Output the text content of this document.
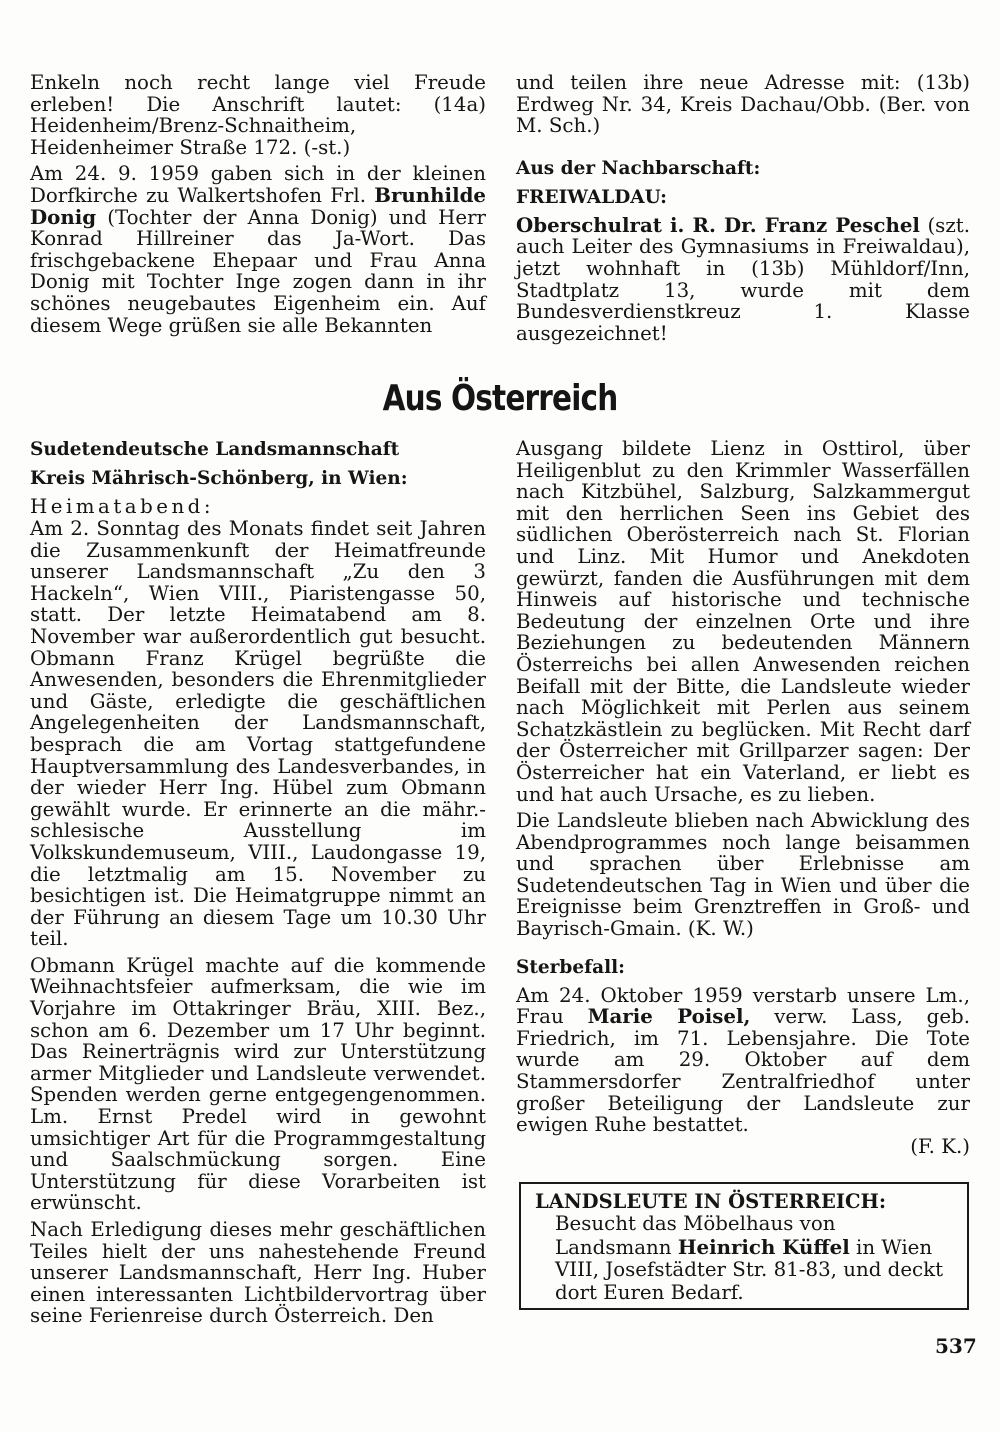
Enkeln noch recht lange viel Freude erleben! Die Anschrift lautet: (14a) Heidenheim/Brenz-Schnaitheim, Heidenheimer Straße 172. (-st.)

Am 24. 9. 1959 gaben sich in der kleinen Dorfkirche zu Walkertshofen Frl. Brunhilde Donig (Tochter der Anna Donig) und Herr Konrad Hillreiner das Ja-Wort. Das frischgebackene Ehepaar und Frau Anna Donig mit Tochter Inge zogen dann in ihr schönes neugebautes Eigenheim ein. Auf diesem Wege grüßen sie alle Bekannten

und teilen ihre neue Adresse mit: (13b) Erdweg Nr. 34, Kreis Dachau/Obb. (Ber. von M. Sch.)

Aus der Nachbarschaft:
FREIWALDAU:

Oberschulrat i. R. Dr. Franz Peschel (szt. auch Leiter des Gymnasiums in Freiwaldau), jetzt wohnhaft in (13b) Mühldorf/Inn, Stadtplatz 13, wurde mit dem Bundesverdienstkreuz 1. Klasse ausgezeichnet!

Aus Österreich
Sudetendeutsche Landsmannschaft
Kreis Mährisch-Schönberg, in Wien:

Heimatabend:

Am 2. Sonntag des Monats findet seit Jahren die Zusammenkunft der Heimatfreunde unserer Landsmannschaft „Zu den 3 Hackeln“, Wien VIII., Piaristengasse 50, statt. Der letzte Heimatabend am 8. November war außerordentlich gut besucht. Obmann Franz Krügel begrüßte die Anwesenden, besonders die Ehrenmitglieder und Gäste, erledigte die geschäftlichen Angelegenheiten der Landsmannschaft, besprach die am Vortag stattgefundene Hauptversammlung des Landesverbandes, in der wieder Herr Ing. Hübel zum Obmann gewählt wurde. Er erinnerte an die mähr.-schlesische Ausstellung im Volkskundemuseum, VIII., Laudongasse 19, die letztmalig am 15. November zu besichtigen ist. Die Heimatgruppe nimmt an der Führung an diesem Tage um 10.30 Uhr teil.

Obmann Krügel machte auf die kommende Weihnachtsfeier aufmerksam, die wie im Vorjahre im Ottakringer Bräu, XIII. Bez., schon am 6. Dezember um 17 Uhr beginnt. Das Reinerträgnis wird zur Unterstützung armer Mitglieder und Landsleute verwendet. Spenden werden gerne entgegengenommen. Lm. Ernst Predel wird in gewohnt umsichtiger Art für die Programmgestaltung und Saalschmückung sorgen. Eine Unterstützung für diese Vorarbeiten ist erwünscht.

Nach Erledigung dieses mehr geschäftlichen Teiles hielt der uns nahestehende Freund unserer Landsmannschaft, Herr Ing. Huber einen interessanten Lichtbildervortrag über seine Ferienreise durch Österreich. Den

Ausgang bildete Lienz in Osttirol, über Heiligenblut zu den Krimmler Wasserfällen nach Kitzbühel, Salzburg, Salzkammergut mit den herrlichen Seen ins Gebiet des südlichen Oberösterreich nach St. Florian und Linz. Mit Humor und Anekdoten gewürzt, fanden die Ausführungen mit dem Hinweis auf historische und technische Bedeutung der einzelnen Orte und ihre Beziehungen zu bedeutenden Männern Österreichs bei allen Anwesenden reichen Beifall mit der Bitte, die Landsleute wieder nach Möglichkeit mit Perlen aus seinem Schatzkästlein zu beglücken. Mit Recht darf der Österreicher mit Grillparzer sagen: Der Österreicher hat ein Vaterland, er liebt es und hat auch Ursache, es zu lieben.

Die Landsleute blieben nach Abwicklung des Abendprogrammes noch lange beisammen und sprachen über Erlebnisse am Sudetendeutschen Tag in Wien und über die Ereignisse beim Grenztreffen in Groß- und Bayrisch-Gmain. (K. W.)

Sterbefall:

Am 24. Oktober 1959 verstarb unsere Lm., Frau Marie Poisel, verw. Lass, geb. Friedrich, im 71. Lebensjahre. Die Tote wurde am 29. Oktober auf dem Stammersdorfer Zentralfriedhof unter großer Beteiligung der Landsleute zur ewigen Ruhe bestattet.

(F. K.)

LANDSLEUTE IN ÖSTERREICH:
Besucht das Möbelhaus von Landsmann Heinrich Küffel in Wien VIII, Josefstädter Str. 81-83, und deckt dort Euren Bedarf.
537
